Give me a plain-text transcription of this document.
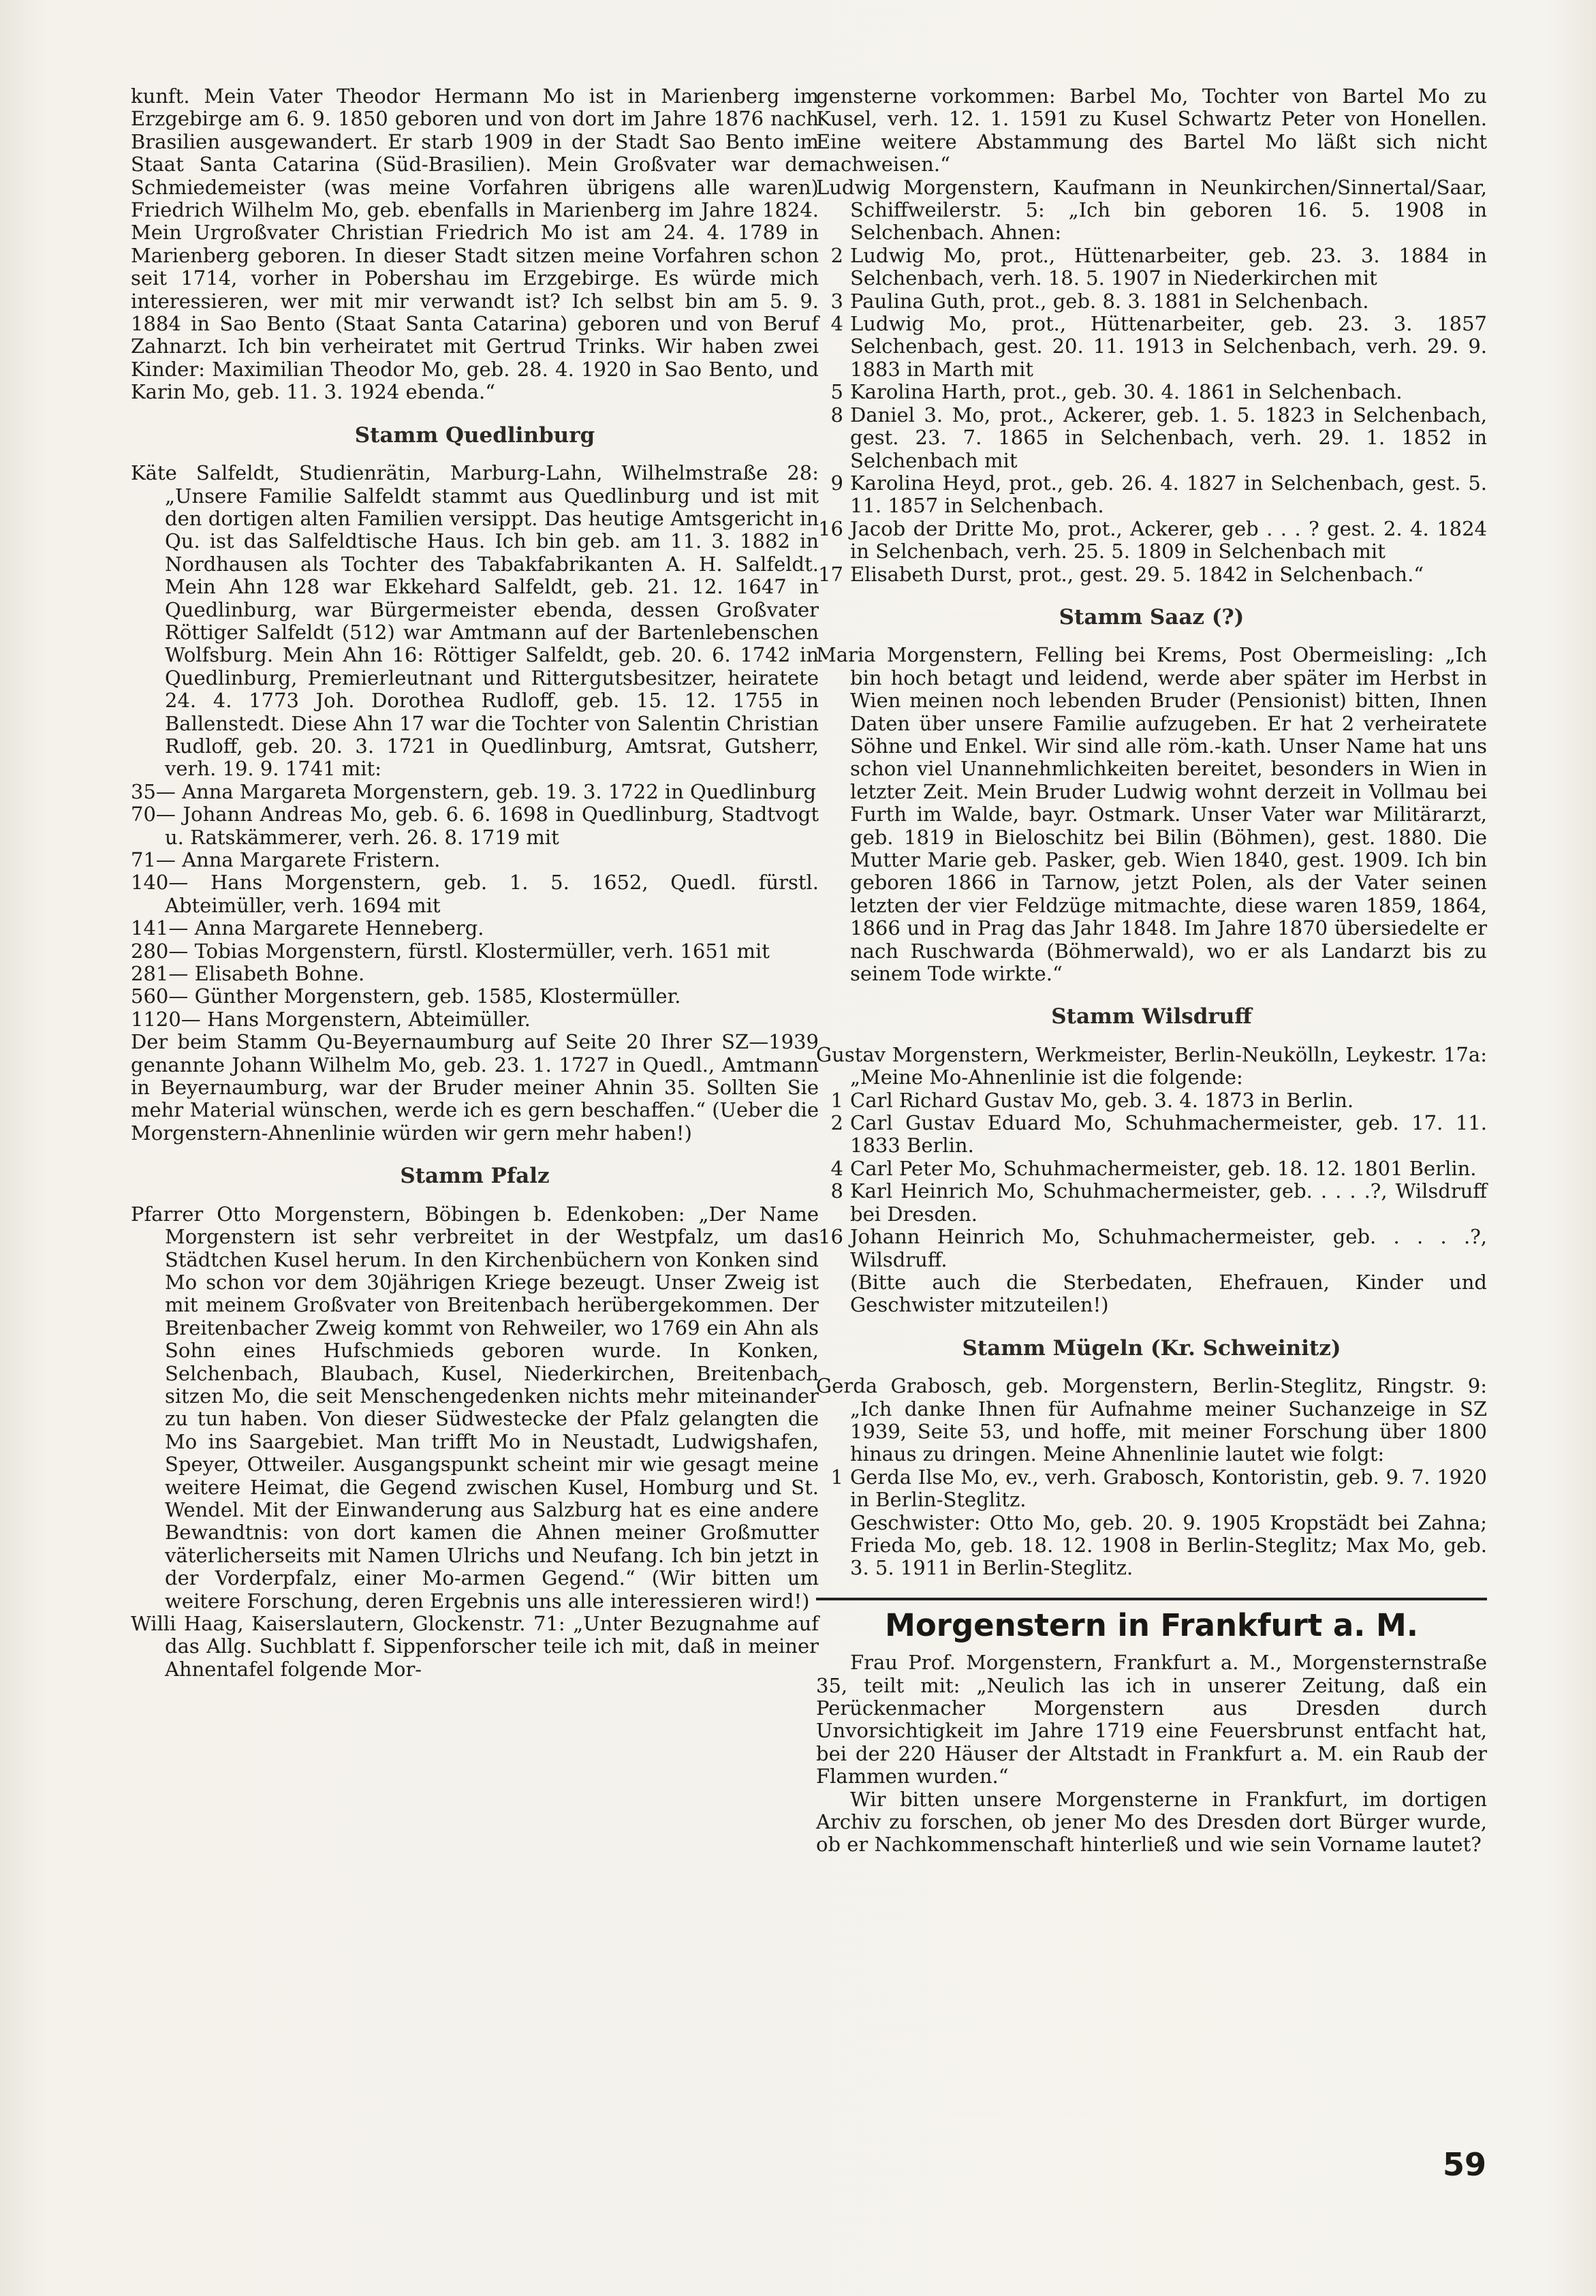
kunft. Mein Vater Theodor Hermann Mo ist in Marienberg im Erzgebirge am 6. 9. 1850 geboren und von dort im Jahre 1876 nach Brasilien ausgewandert. Er starb 1909 in der Stadt Sao Bento im Staat Santa Catarina (Süd-Brasilien). Mein Großvater war der Schmiedemeister (was meine Vorfahren übrigens alle waren) Friedrich Wilhelm Mo, geb. ebenfalls in Marienberg im Jahre 1824. Mein Urgroßvater Christian Friedrich Mo ist am 24. 4. 1789 in Marienberg geboren. In dieser Stadt sitzen meine Vorfahren schon seit 1714, vorher in Pobershau im Erzgebirge. Es würde mich interessieren, wer mit mir verwandt ist? Ich selbst bin am 5. 9. 1884 in Sao Bento (Staat Santa Catarina) geboren und von Beruf Zahnarzt. Ich bin verheiratet mit Gertrud Trinks. Wir haben zwei Kinder: Maximilian Theodor Mo, geb. 28. 4. 1920 in Sao Bento, und Karin Mo, geb. 11. 3. 1924 ebenda.“

Stamm Quedlinburg

Käte Salfeldt, Studienrätin, Marburg-Lahn, Wilhelmstraße 28: „Unsere Familie Salfeldt stammt aus Quedlinburg und ist mit den dortigen alten Familien versippt. Das heutige Amtsgericht in Qu. ist das Salfeldtische Haus. Ich bin geb. am 11. 3. 1882 in Nordhausen als Tochter des Tabakfabrikanten A. H. Salfeldt. Mein Ahn 128 war Ekkehard Salfeldt, geb. 21. 12. 1647 in Quedlinburg, war Bürgermeister ebenda, dessen Großvater Röttiger Salfeldt (512) war Amtmann auf der Bartenlebenschen Wolfsburg. Mein Ahn 16: Röttiger Salfeldt, geb. 20. 6. 1742 in Quedlinburg, Premierleutnant und Rittergutsbesitzer, heiratete 24. 4. 1773 Joh. Dorothea Rudloff, geb. 15. 12. 1755 in Ballenstedt. Diese Ahn 17 war die Tochter von Salentin Christian Rudloff, geb. 20. 3. 1721 in Quedlinburg, Amtsrat, Gutsherr, verh. 19. 9. 1741 mit:

35— Anna Margareta Morgenstern, geb. 19. 3. 1722 in Quedlinburg

70— Johann Andreas Mo, geb. 6. 6. 1698 in Quedlinburg, Stadtvogt u. Ratskämmerer, verh. 26. 8. 1719 mit

71— Anna Margarete Fristern.

140— Hans Morgenstern, geb. 1. 5. 1652, Quedl. fürstl. Abteimüller, verh. 1694 mit

141— Anna Margarete Henneberg.

280— Tobias Morgenstern, fürstl. Klostermüller, verh. 1651 mit

281— Elisabeth Bohne.

560— Günther Morgenstern, geb. 1585, Klostermüller.

1120— Hans Morgenstern, Abteimüller.

Der beim Stamm Qu-Beyernaumburg auf Seite 20 Ihrer SZ—1939 genannte Johann Wilhelm Mo, geb. 23. 1. 1727 in Quedl., Amtmann in Beyernaumburg, war der Bruder meiner Ahnin 35. Sollten Sie mehr Material wünschen, werde ich es gern beschaffen.“ (Ueber die Morgenstern-Ahnenlinie würden wir gern mehr haben!)

Stamm Pfalz

Pfarrer Otto Morgenstern, Böbingen b. Edenkoben: „Der Name Morgenstern ist sehr verbreitet in der Westpfalz, um das Städtchen Kusel herum. In den Kirchenbüchern von Konken sind Mo schon vor dem 30jährigen Kriege bezeugt. Unser Zweig ist mit meinem Großvater von Breitenbach herübergekommen. Der Breitenbacher Zweig kommt von Rehweiler, wo 1769 ein Ahn als Sohn eines Hufschmieds geboren wurde. In Konken, Selchenbach, Blaubach, Kusel, Niederkirchen, Breitenbach sitzen Mo, die seit Menschengedenken nichts mehr miteinander zu tun haben. Von dieser Südwestecke der Pfalz gelangten die Mo ins Saargebiet. Man trifft Mo in Neustadt, Ludwigshafen, Speyer, Ottweiler. Ausgangspunkt scheint mir wie gesagt meine weitere Heimat, die Gegend zwischen Kusel, Homburg und St. Wendel. Mit der Einwanderung aus Salzburg hat es eine andere Bewandtnis: von dort kamen die Ahnen meiner Großmutter väterlicherseits mit Namen Ulrichs und Neufang. Ich bin jetzt in der Vorderpfalz, einer Mo-armen Gegend.“ (Wir bitten um weitere Forschung, deren Ergebnis uns alle interessieren wird!)

Willi Haag, Kaiserslautern, Glockenstr. 71: „Unter Bezugnahme auf das Allg. Suchblatt f. Sippenforscher teile ich mit, daß in meiner Ahnentafel folgende Mor-

gensterne vorkommen: Barbel Mo, Tochter von Bartel Mo zu Kusel, verh. 12. 1. 1591 zu Kusel Schwartz Peter von Honellen. Eine weitere Abstammung des Bartel Mo läßt sich nicht nachweisen.“

Ludwig Morgenstern, Kaufmann in Neunkirchen/Sinnertal/Saar, Schiffweilerstr. 5: „Ich bin geboren 16. 5. 1908 in Selchenbach. Ahnen:

2 Ludwig Mo, prot., Hüttenarbeiter, geb. 23. 3. 1884 in Selchenbach, verh. 18. 5. 1907 in Niederkirchen mit

3 Paulina Guth, prot., geb. 8. 3. 1881 in Selchenbach.

4 Ludwig Mo, prot., Hüttenarbeiter, geb. 23. 3. 1857 Selchenbach, gest. 20. 11. 1913 in Selchenbach, verh. 29. 9. 1883 in Marth mit

5 Karolina Harth, prot., geb. 30. 4. 1861 in Selchenbach.

8 Daniel 3. Mo, prot., Ackerer, geb. 1. 5. 1823 in Selchenbach, gest. 23. 7. 1865 in Selchenbach, verh. 29. 1. 1852 in Selchenbach mit

9 Karolina Heyd, prot., geb. 26. 4. 1827 in Selchenbach, gest. 5. 11. 1857 in Selchenbach.

16 Jacob der Dritte Mo, prot., Ackerer, geb . . . ? gest. 2. 4. 1824 in Selchenbach, verh. 25. 5. 1809 in Selchenbach mit

17 Elisabeth Durst, prot., gest. 29. 5. 1842 in Selchenbach.“

Stamm Saaz (?)

Maria Morgenstern, Felling bei Krems, Post Obermeisling: „Ich bin hoch betagt und leidend, werde aber später im Herbst in Wien meinen noch lebenden Bruder (Pensionist) bitten, Ihnen Daten über unsere Familie aufzugeben. Er hat 2 verheiratete Söhne und Enkel. Wir sind alle röm.-kath. Unser Name hat uns schon viel Unannehmlichkeiten bereitet, besonders in Wien in letzter Zeit. Mein Bruder Ludwig wohnt derzeit in Vollmau bei Furth im Walde, bayr. Ostmark. Unser Vater war Militärarzt, geb. 1819 in Bieloschitz bei Bilin (Böhmen), gest. 1880. Die Mutter Marie geb. Pasker, geb. Wien 1840, gest. 1909. Ich bin geboren 1866 in Tarnow, jetzt Polen, als der Vater seinen letzten der vier Feldzüge mitmachte, diese waren 1859, 1864, 1866 und in Prag das Jahr 1848. Im Jahre 1870 übersiedelte er nach Ruschwarda (Böhmerwald), wo er als Landarzt bis zu seinem Tode wirkte.“

Stamm Wilsdruff

Gustav Morgenstern, Werkmeister, Berlin-Neukölln, Leykestr. 17a: „Meine Mo-Ahnenlinie ist die folgende:

1 Carl Richard Gustav Mo, geb. 3. 4. 1873 in Berlin.

2 Carl Gustav Eduard Mo, Schuhmachermeister, geb. 17. 11. 1833 Berlin.

4 Carl Peter Mo, Schuhmachermeister, geb. 18. 12. 1801 Berlin.

8 Karl Heinrich Mo, Schuhmachermeister, geb. . . . .?, Wilsdruff bei Dresden.

16 Johann Heinrich Mo, Schuhmachermeister, geb. . . . .?, Wilsdruff.

(Bitte auch die Sterbedaten, Ehefrauen, Kinder und Geschwister mitzuteilen!)

Stamm Mügeln (Kr. Schweinitz)

Gerda Grabosch, geb. Morgenstern, Berlin-Steglitz, Ringstr. 9: „Ich danke Ihnen für Aufnahme meiner Suchanzeige in SZ 1939, Seite 53, und hoffe, mit meiner Forschung über 1800 hinaus zu dringen. Meine Ahnenlinie lautet wie folgt:

1 Gerda Ilse Mo, ev., verh. Grabosch, Kontoristin, geb. 9. 7. 1920 in Berlin-Steglitz.

Geschwister: Otto Mo, geb. 20. 9. 1905 Kropstädt bei Zahna; Frieda Mo, geb. 18. 12. 1908 in Berlin-Steglitz; Max Mo, geb. 3. 5. 1911 in Berlin-Steglitz.

Morgenstern in Frankfurt a. M.

Frau Prof. Morgenstern, Frankfurt a. M., Morgensternstraße 35, teilt mit: „Neulich las ich in unserer Zeitung, daß ein Perückenmacher Morgenstern aus Dresden durch Unvorsichtigkeit im Jahre 1719 eine Feuersbrunst entfacht hat, bei der 220 Häuser der Altstadt in Frankfurt a. M. ein Raub der Flammen wurden.“

Wir bitten unsere Morgensterne in Frankfurt, im dortigen Archiv zu forschen, ob jener Mo des Dresden dort Bürger wurde, ob er Nachkommenschaft hinterließ und wie sein Vorname lautet?

59
